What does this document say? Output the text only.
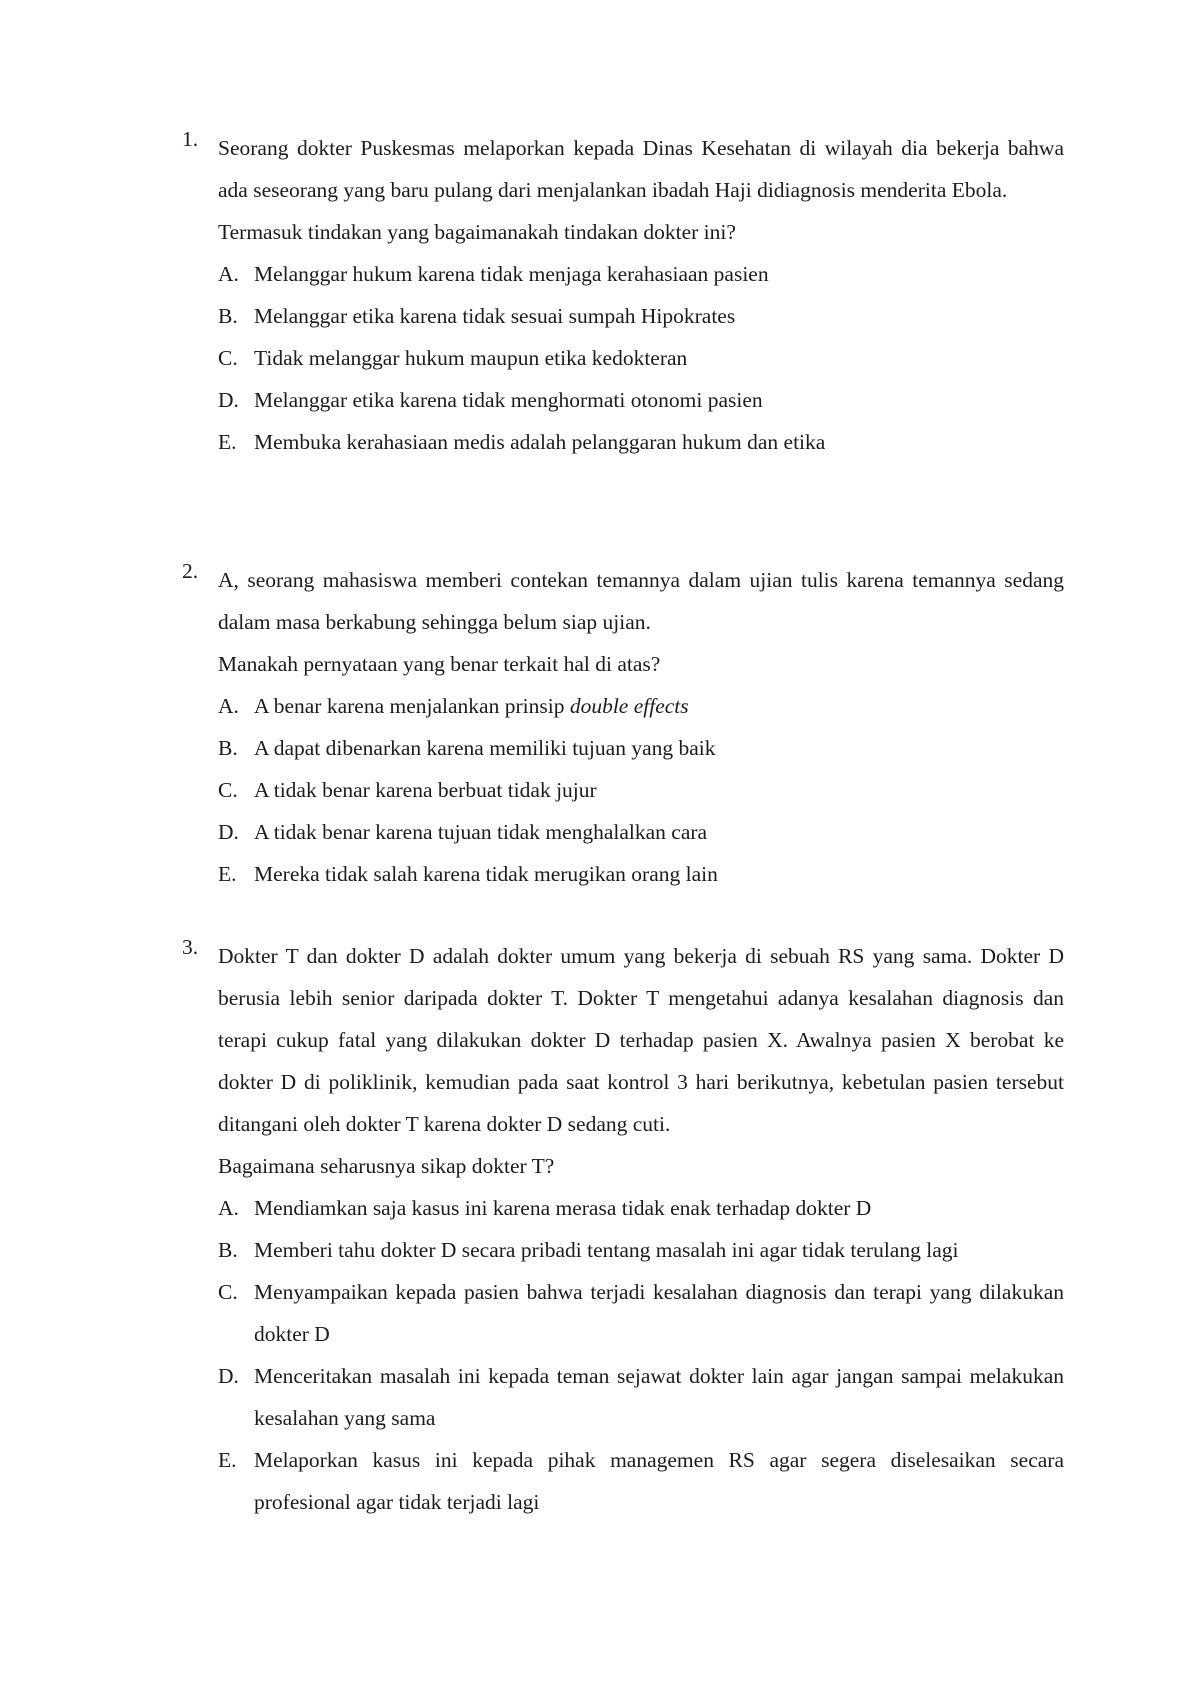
1. Seorang dokter Puskesmas melaporkan kepada Dinas Kesehatan di wilayah dia bekerja bahwa ada seseorang yang baru pulang dari menjalankan ibadah Haji didiagnosis menderita Ebola.

Termasuk tindakan yang bagaimanakah tindakan dokter ini?

A. Melanggar hukum karena tidak menjaga kerahasiaan pasien
B. Melanggar etika karena tidak sesuai sumpah Hipokrates
C. Tidak melanggar hukum maupun etika kedokteran
D. Melanggar etika karena tidak menghormati otonomi pasien
E. Membuka kerahasiaan medis adalah pelanggaran hukum dan etika
2. A, seorang mahasiswa memberi contekan temannya dalam ujian tulis karena temannya sedang dalam masa berkabung sehingga belum siap ujian.

Manakah pernyataan yang benar terkait hal di atas?

A. A benar karena menjalankan prinsip double effects
B. A dapat dibenarkan karena memiliki tujuan yang baik
C. A tidak benar karena berbuat tidak jujur
D. A tidak benar karena tujuan tidak menghalalkan cara
E. Mereka tidak salah karena tidak merugikan orang lain
3. Dokter T dan dokter D adalah dokter umum yang bekerja di sebuah RS yang sama. Dokter D berusia lebih senior daripada dokter T. Dokter T mengetahui adanya kesalahan diagnosis dan terapi cukup fatal yang dilakukan dokter D terhadap pasien X. Awalnya pasien X berobat ke dokter D di poliklinik, kemudian pada saat kontrol 3 hari berikutnya, kebetulan pasien tersebut ditangani oleh dokter T karena dokter D sedang cuti.

Bagaimana seharusnya sikap dokter T?

A. Mendiamkan saja kasus ini karena merasa tidak enak terhadap dokter D
B. Memberi tahu dokter D secara pribadi tentang masalah ini agar tidak terulang lagi
C. Menyampaikan kepada pasien bahwa terjadi kesalahan diagnosis dan terapi yang dilakukan dokter D
D. Menceritakan masalah ini kepada teman sejawat dokter lain agar jangan sampai melakukan kesalahan yang sama
E. Melaporkan kasus ini kepada pihak managemen RS agar segera diselesaikan secara profesional agar tidak terjadi lagi
